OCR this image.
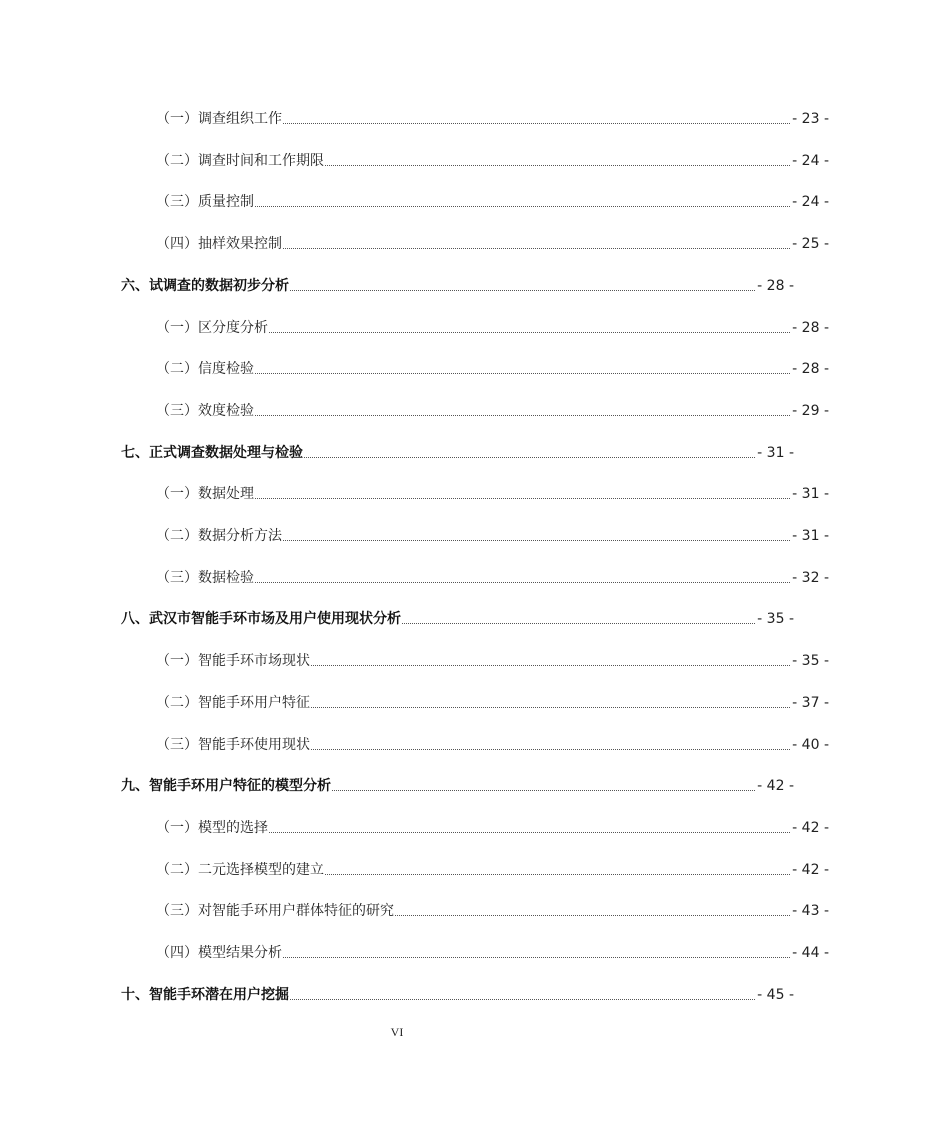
（一）调查组织工作	- 23 -
（二）调查时间和工作期限	- 24 -
（三）质量控制	- 24 -
（四）抽样效果控制	- 25 -
六、试调查的数据初步分析	- 28 -
（一）区分度分析	- 28 -
（二）信度检验	- 28 -
（三）效度检验	- 29 -
七、正式调查数据处理与检验	- 31 -
（一）数据处理	- 31 -
（二）数据分析方法	- 31 -
（三）数据检验	- 32 -
八、武汉市智能手环市场及用户使用现状分析	- 35 -
（一）智能手环市场现状	- 35 -
（二）智能手环用户特征	- 37 -
（三）智能手环使用现状	- 40 -
九、智能手环用户特征的模型分析	- 42 -
（一）模型的选择	- 42 -
（二）二元选择模型的建立	- 42 -
（三）对智能手环用户群体特征的研究	- 43 -
（四）模型结果分析	- 44 -
十、智能手环潜在用户挖掘	- 45 -
VI
